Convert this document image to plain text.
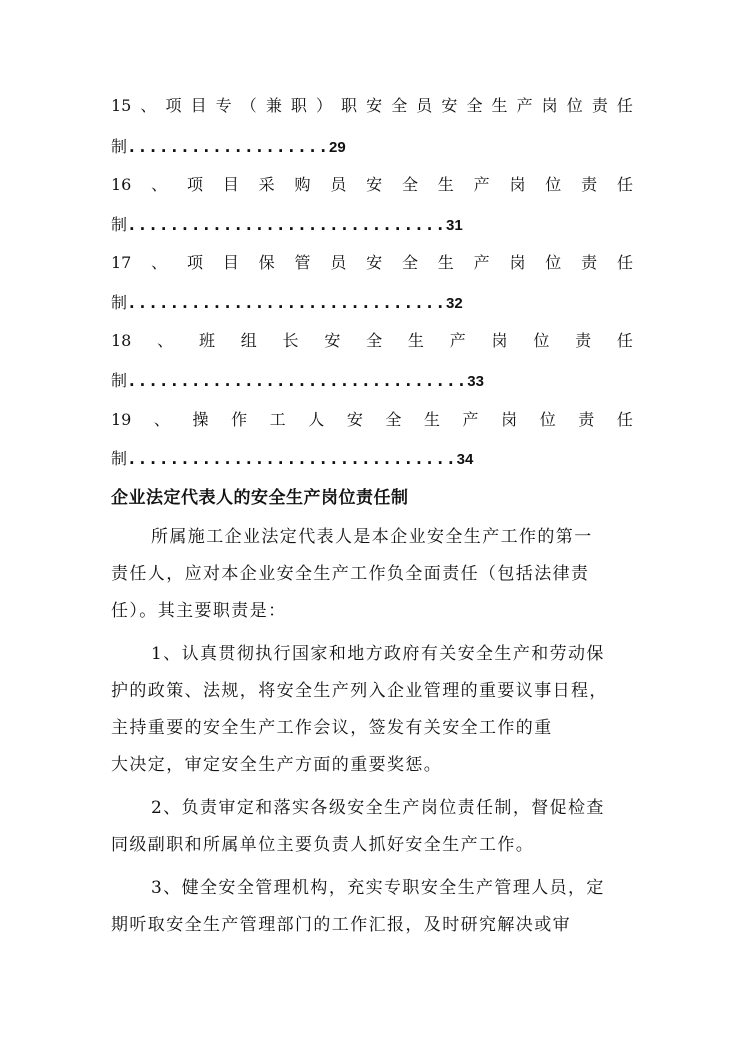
15 、 项 目 专 （ 兼 职 ） 职 安 全 员 安 全 生 产 岗 位 责 任
制...................29
16 、 项 目 采 购 员 安 全 生 产 岗 位 责 任
制..............................31
17 、 项 目 保 管 员 安 全 生 产 岗 位 责 任
制..............................32
18 、 班 组 长 安 全 生 产 岗 位 责 任
制................................33
19 、 操 作 工 人 安 全 生 产 岗 位 责 任
制...............................34
企业法定代表人的安全生产岗位责任制

所属施工企业法定代表人是本企业安全生产工作的第一

责任人，应对本企业安全生产工作负全面责任（包括法律责

任）。其主要职责是：

1、认真贯彻执行国家和地方政府有关安全生产和劳动保

护的政策、法规，将安全生产列入企业管理的重要议事日程，

主持重要的安全生产工作会议，签发有关安全工作的重

大决定，审定安全生产方面的重要奖惩。

2、负责审定和落实各级安全生产岗位责任制，督促检查

同级副职和所属单位主要负责人抓好安全生产工作。

3、健全安全管理机构，充实专职安全生产管理人员，定

期听取安全生产管理部门的工作汇报，及时研究解决或审
